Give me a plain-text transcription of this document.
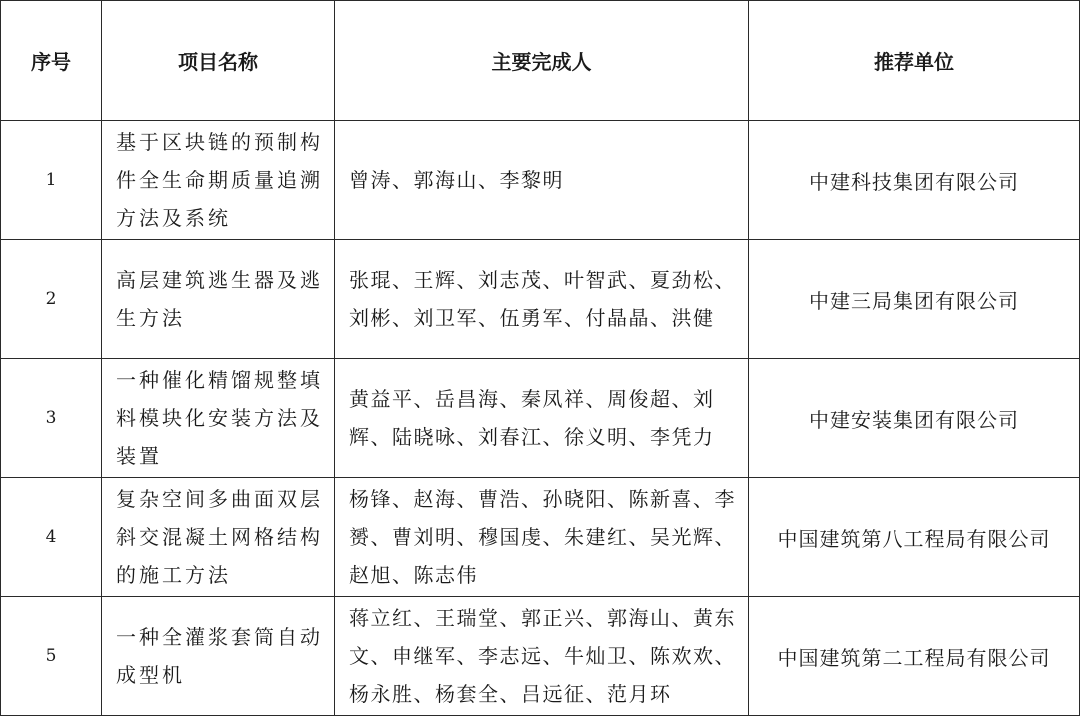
序号	项目名称	主要完成人	推荐单位
1	基于区块链的预制构件全生命期质量追溯方法及系统	曾涛、郭海山、李黎明	中建科技集团有限公司
2	高层建筑逃生器及逃生方法	张琨、王辉、刘志茂、叶智武、夏劲松、刘彬、刘卫军、伍勇军、付晶晶、洪健	中建三局集团有限公司
3	一种催化精馏规整填料模块化安装方法及装置	黄益平、岳昌海、秦凤祥、周俊超、刘辉、陆晓咏、刘春江、徐义明、李凭力	中建安装集团有限公司
4	复杂空间多曲面双层斜交混凝土网格结构的施工方法	杨锋、赵海、曹浩、孙晓阳、陈新喜、李赟、曹刘明、穆国虔、朱建红、吴光辉、赵旭、陈志伟	中国建筑第八工程局有限公司
5	一种全灌浆套筒自动成型机	蒋立红、王瑞堂、郭正兴、郭海山、黄东文、申继军、李志远、牛灿卫、陈欢欢、杨永胜、杨套全、吕远征、范月环	中国建筑第二工程局有限公司
